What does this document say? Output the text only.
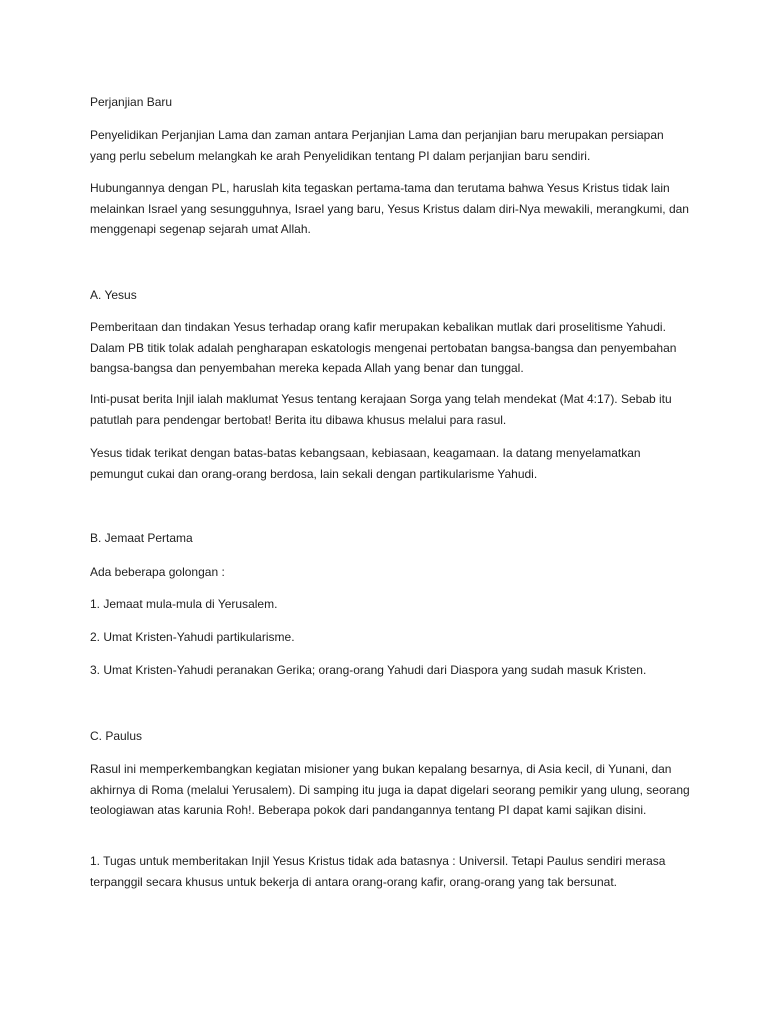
Perjanjian Baru

Penyelidikan Perjanjian Lama dan zaman antara Perjanjian Lama dan perjanjian baru merupakan persiapan yang perlu sebelum melangkah ke arah Penyelidikan tentang PI dalam perjanjian baru sendiri.

Hubungannya dengan PL, haruslah kita tegaskan pertama-tama dan terutama bahwa Yesus Kristus tidak lain melainkan Israel yang sesungguhnya, Israel yang baru, Yesus Kristus dalam diri-Nya mewakili, merangkumi, dan menggenapi segenap sejarah umat Allah.

A. Yesus

Pemberitaan dan tindakan Yesus terhadap orang kafir merupakan kebalikan mutlak dari proselitisme Yahudi. Dalam PB titik tolak adalah pengharapan eskatologis mengenai pertobatan bangsa-bangsa dan penyembahan bangsa-bangsa dan penyembahan mereka kepada Allah yang benar dan tunggal.

Inti-pusat berita Injil ialah maklumat Yesus tentang kerajaan Sorga yang telah mendekat (Mat 4:17). Sebab itu patutlah para pendengar bertobat! Berita itu dibawa khusus melalui para rasul.

Yesus tidak terikat dengan batas-batas kebangsaan, kebiasaan, keagamaan. Ia datang menyelamatkan pemungut cukai dan orang-orang berdosa, lain sekali dengan partikularisme Yahudi.

B. Jemaat Pertama

Ada beberapa golongan :

1. Jemaat mula-mula di Yerusalem.

2. Umat Kristen-Yahudi partikularisme.

3. Umat Kristen-Yahudi peranakan Gerika; orang-orang Yahudi dari Diaspora yang sudah masuk Kristen.

C. Paulus

Rasul ini memperkembangkan kegiatan misioner yang bukan kepalang besarnya, di Asia kecil, di Yunani, dan akhirnya di Roma (melalui Yerusalem). Di samping itu juga ia dapat digelari seorang pemikir yang ulung, seorang teologiawan atas karunia Roh!. Beberapa pokok dari pandangannya tentang PI dapat kami sajikan disini.

1. Tugas untuk memberitakan Injil Yesus Kristus tidak ada batasnya : Universil. Tetapi Paulus sendiri merasa terpanggil secara khusus untuk bekerja di antara orang-orang kafir, orang-orang yang tak bersunat.
